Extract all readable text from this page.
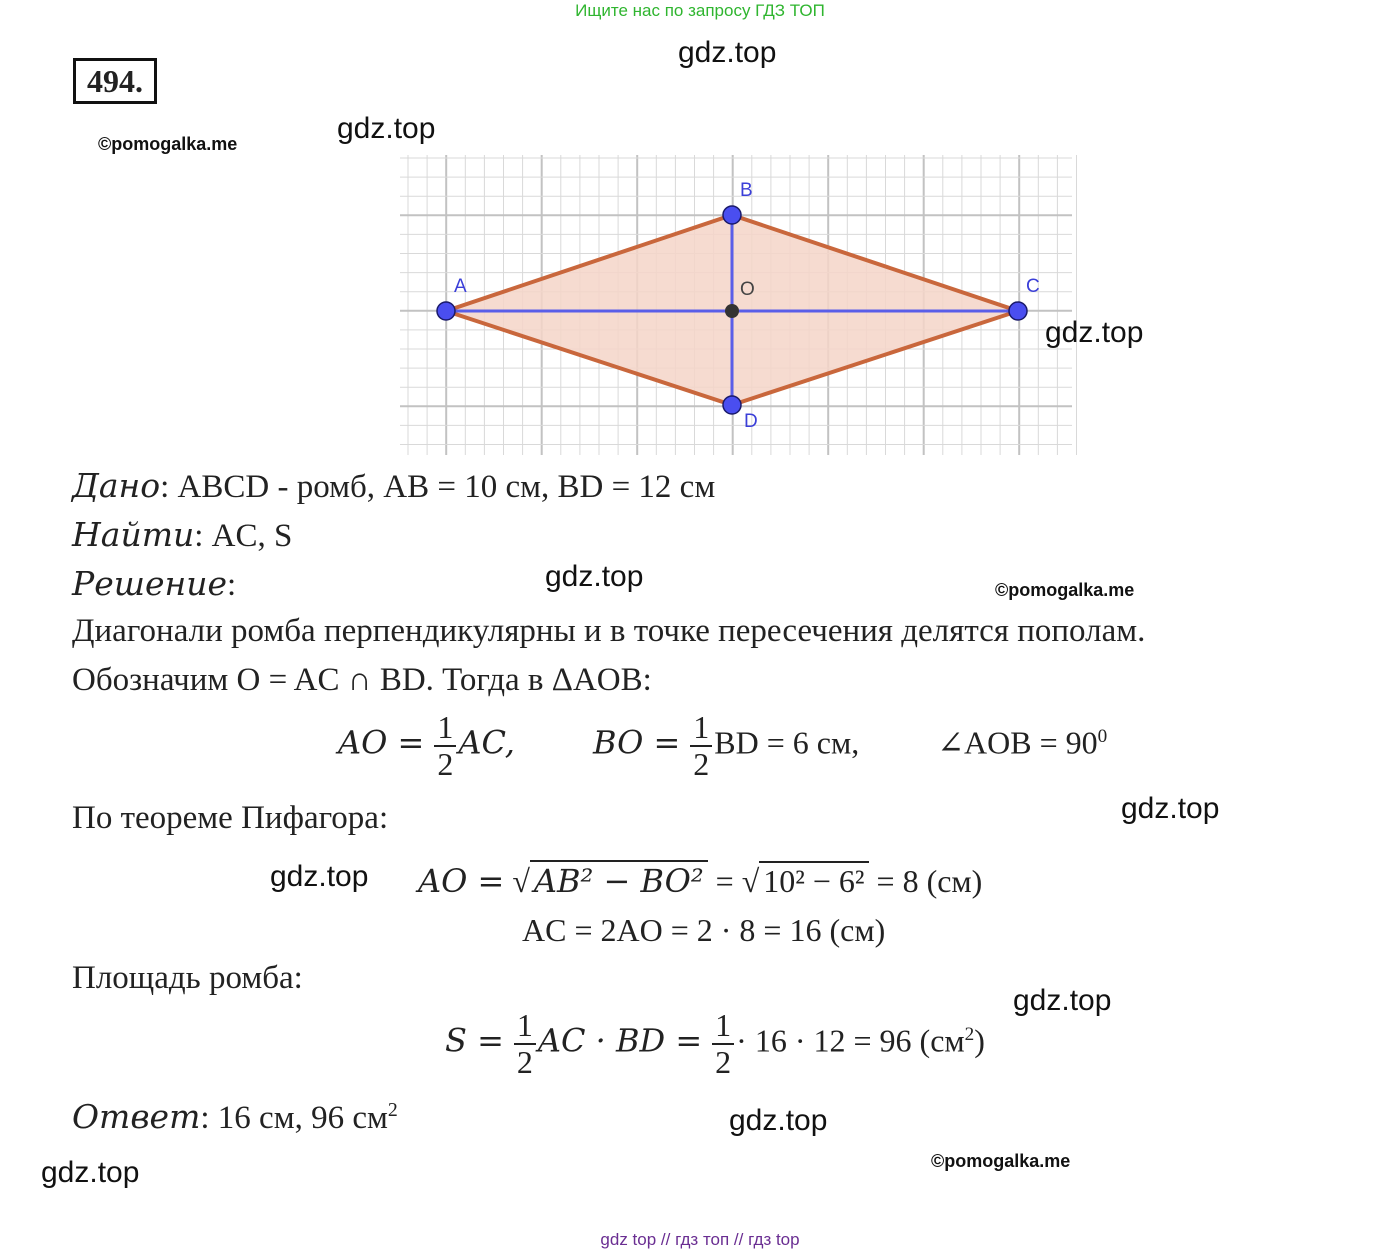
Ищите нас по запросу ГДЗ ТОП
494.
gdz.top
gdz.top
©pomogalka.me
A
B
C
D
O
gdz.top
Дано: ABCD - ромб, AB = 10 см, BD = 12 см
Найти: AC, S
Решение:	gdz.top	©pomogalka.me
Диагонали ромба перпендикулярны и в точке пересечения делятся пополам.
Обозначим O = AC ∩ BD. Тогда в ΔAOB:
AO = $\frac{1}{2}$ AC, BO = $\frac{1}{2}$ BD = 6 см, ∠AOB = $90^0$
По теореме Пифагора:	gdz.top
gdz.top AO = √ AB² − BO² = √ 10² − 6² = 8 (см)
AC = 2AO = 2 · 8 = 16 (см)
Площадь ромба:
gdz.top
$S = \frac{1}{2}$ AC · BD = $\frac{1}{2} \cdot 16 \cdot 12 = 96$ $(см^2)$
Ответ: 16 см, 96 $см^2$	gdz.top
©pomogalka.me
gdz.top
gdz top // гдз топ // гдз top
